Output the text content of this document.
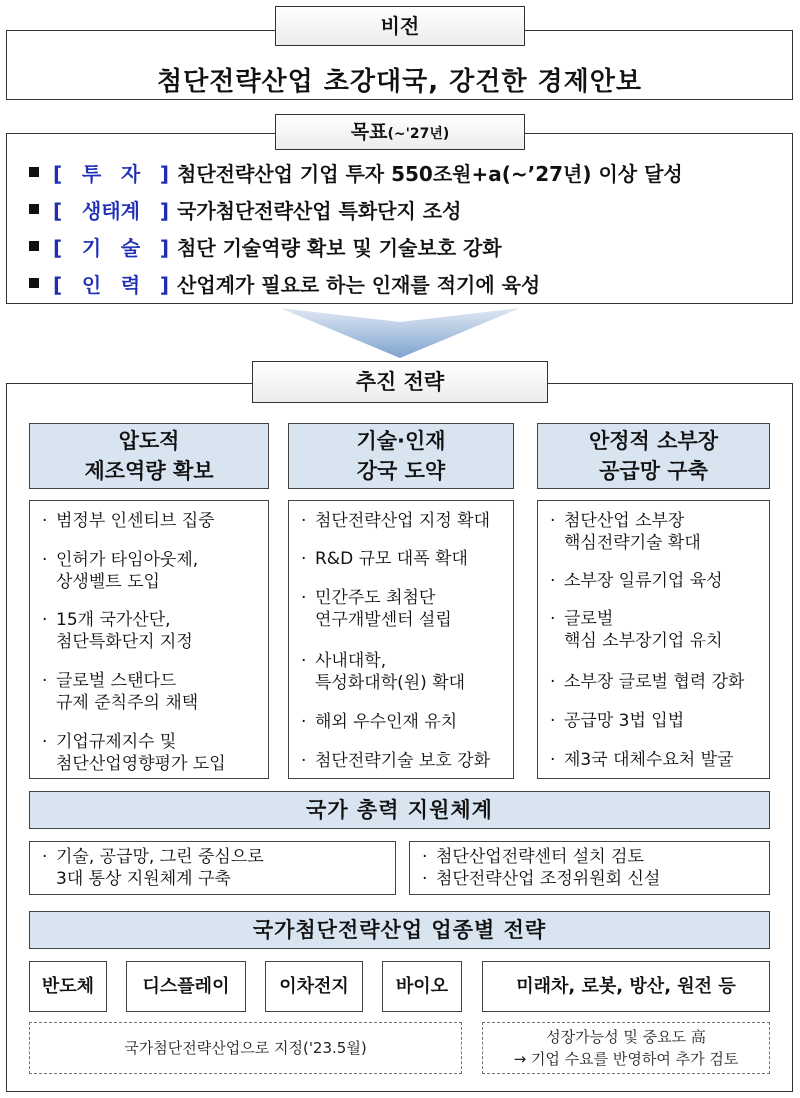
첨단전략산업 초강대국, 강건한 경제안보
비전
[ 투 자 ] 첨단전략산업 기업 투자 550조원+a(~’27년) 이상 달성
[ 생태계 ] 국가첨단전략산업 특화단지 조성
[ 기 술 ] 첨단 기술역량 확보 및 기술보호 강화
[ 인 력 ] 산업계가 필요로 하는 인재를 적기에 육성
목표(~'27년)
추진 전략
압도적
제조역량 확보
기술·인재
강국 도약
안정적 소부장
공급망 구축
· 범정부 인센티브 집중
· 인허가 타임아웃제,
상생벨트 도입
· 15개 국가산단,
첨단특화단지 지정
· 글로벌 스탠다드
규제 준칙주의 채택
· 기업규제지수 및
첨단산업영향평가 도입
· 첨단전략산업 지정 확대
· R&D 규모 대폭 확대
· 민간주도 최첨단
연구개발센터 설립
· 사내대학,
특성화대학(원) 확대
· 해외 우수인재 유치
· 첨단전략기술 보호 강화
· 첨단산업 소부장
핵심전략기술 확대
· 소부장 일류기업 육성
· 글로벌
핵심 소부장기업 유치
· 소부장 글로벌 협력 강화
· 공급망 3법 입법
· 제3국 대체수요처 발굴
국가 총력 지원체계
· 기술, 공급망, 그린 중심으로
3대 통상 지원체계 구축
· 첨단산업전략센터 설치 검토
· 첨단전략산업 조정위원회 신설
국가첨단전략산업 업종별 전략
반도체	디스플레이	이차전지	바이오	미래차, 로봇, 방산, 원전 등
국가첨단전략산업으로 지정('23.5월)
성장가능성 및 중요도 高
→ 기업 수요를 반영하여 추가 검토
